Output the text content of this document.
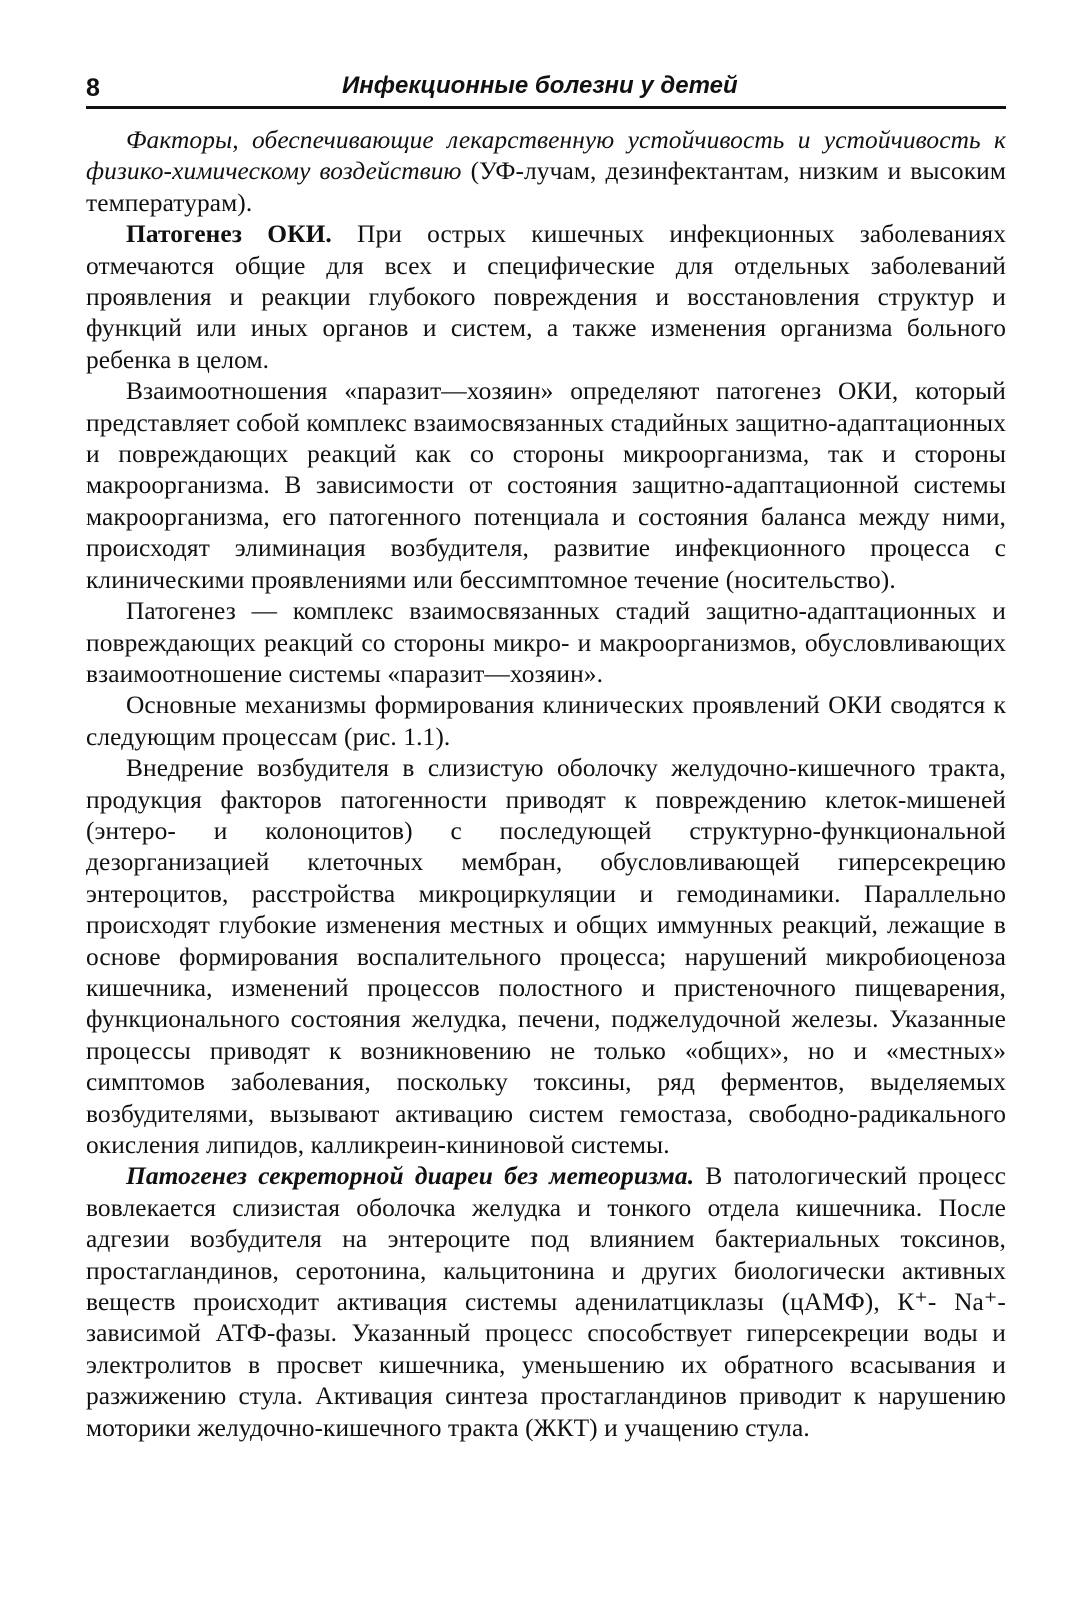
8	Инфекционные болезни у детей

Факторы, обеспечивающие лекарственную устойчивость и устойчивость к физико-химическому воздействию (УФ-лучам, дезинфектантам, низким и высоким температурам).

Патогенез ОКИ. При острых кишечных инфекционных заболеваниях отмечаются общие для всех и специфические для отдельных заболеваний проявления и реакции глубокого повреждения и восстановления структур и функций или иных органов и систем, а также изменения организма больного ребенка в целом.

Взаимоотношения «паразит—хозяин» определяют патогенез ОКИ, который представляет собой комплекс взаимосвязанных стадийных защитно-адаптационных и повреждающих реакций как со стороны микроорганизма, так и стороны макроорганизма. В зависимости от состояния защитно-адаптационной системы макроорганизма, его патогенного потенциала и состояния баланса между ними, происходят элиминация возбудителя, развитие инфекционного процесса с клиническими проявлениями или бессимптомное течение (носительство).

Патогенез — комплекс взаимосвязанных стадий защитно-адаптационных и повреждающих реакций со стороны микро- и макроорганизмов, обусловливающих взаимоотношение системы «паразит—хозяин».

Основные механизмы формирования клинических проявлений ОКИ сводятся к следующим процессам (рис. 1.1).

Внедрение возбудителя в слизистую оболочку желудочно-кишечного тракта, продукция факторов патогенности приводят к повреждению клеток-мишеней (энтеро- и колоноцитов) с последующей структурно-функциональной дезорганизацией клеточных мембран, обусловливающей гиперсекрецию энтероцитов, расстройства микроциркуляции и гемодинамики. Параллельно происходят глубокие изменения местных и общих иммунных реакций, лежащие в основе формирования воспалительного процесса; нарушений микробиоценоза кишечника, изменений процессов полостного и пристеночного пищеварения, функционального состояния желудка, печени, поджелудочной железы. Указанные процессы приводят к возникновению не только «общих», но и «местных» симптомов заболевания, поскольку токсины, ряд ферментов, выделяемых возбудителями, вызывают активацию систем гемостаза, свободно-радикального окисления липидов, калликреин-кининовой системы.

Патогенез секреторной диареи без метеоризма. В патологический процесс вовлекается слизистая оболочка желудка и тонкого отдела кишечника. После адгезии возбудителя на энтероците под влиянием бактериальных токсинов, простагландинов, серотонина, кальцитонина и других биологически активных веществ происходит активация системы аденилатциклазы (цАМФ), К⁺- Na⁺-зависимой АТФ-фазы. Указанный процесс способствует гиперсекреции воды и электролитов в просвет кишечника, уменьшению их обратного всасывания и разжижению стула. Активация синтеза простагландинов приводит к нарушению моторики желудочно-кишечного тракта (ЖКТ) и учащению стула.
